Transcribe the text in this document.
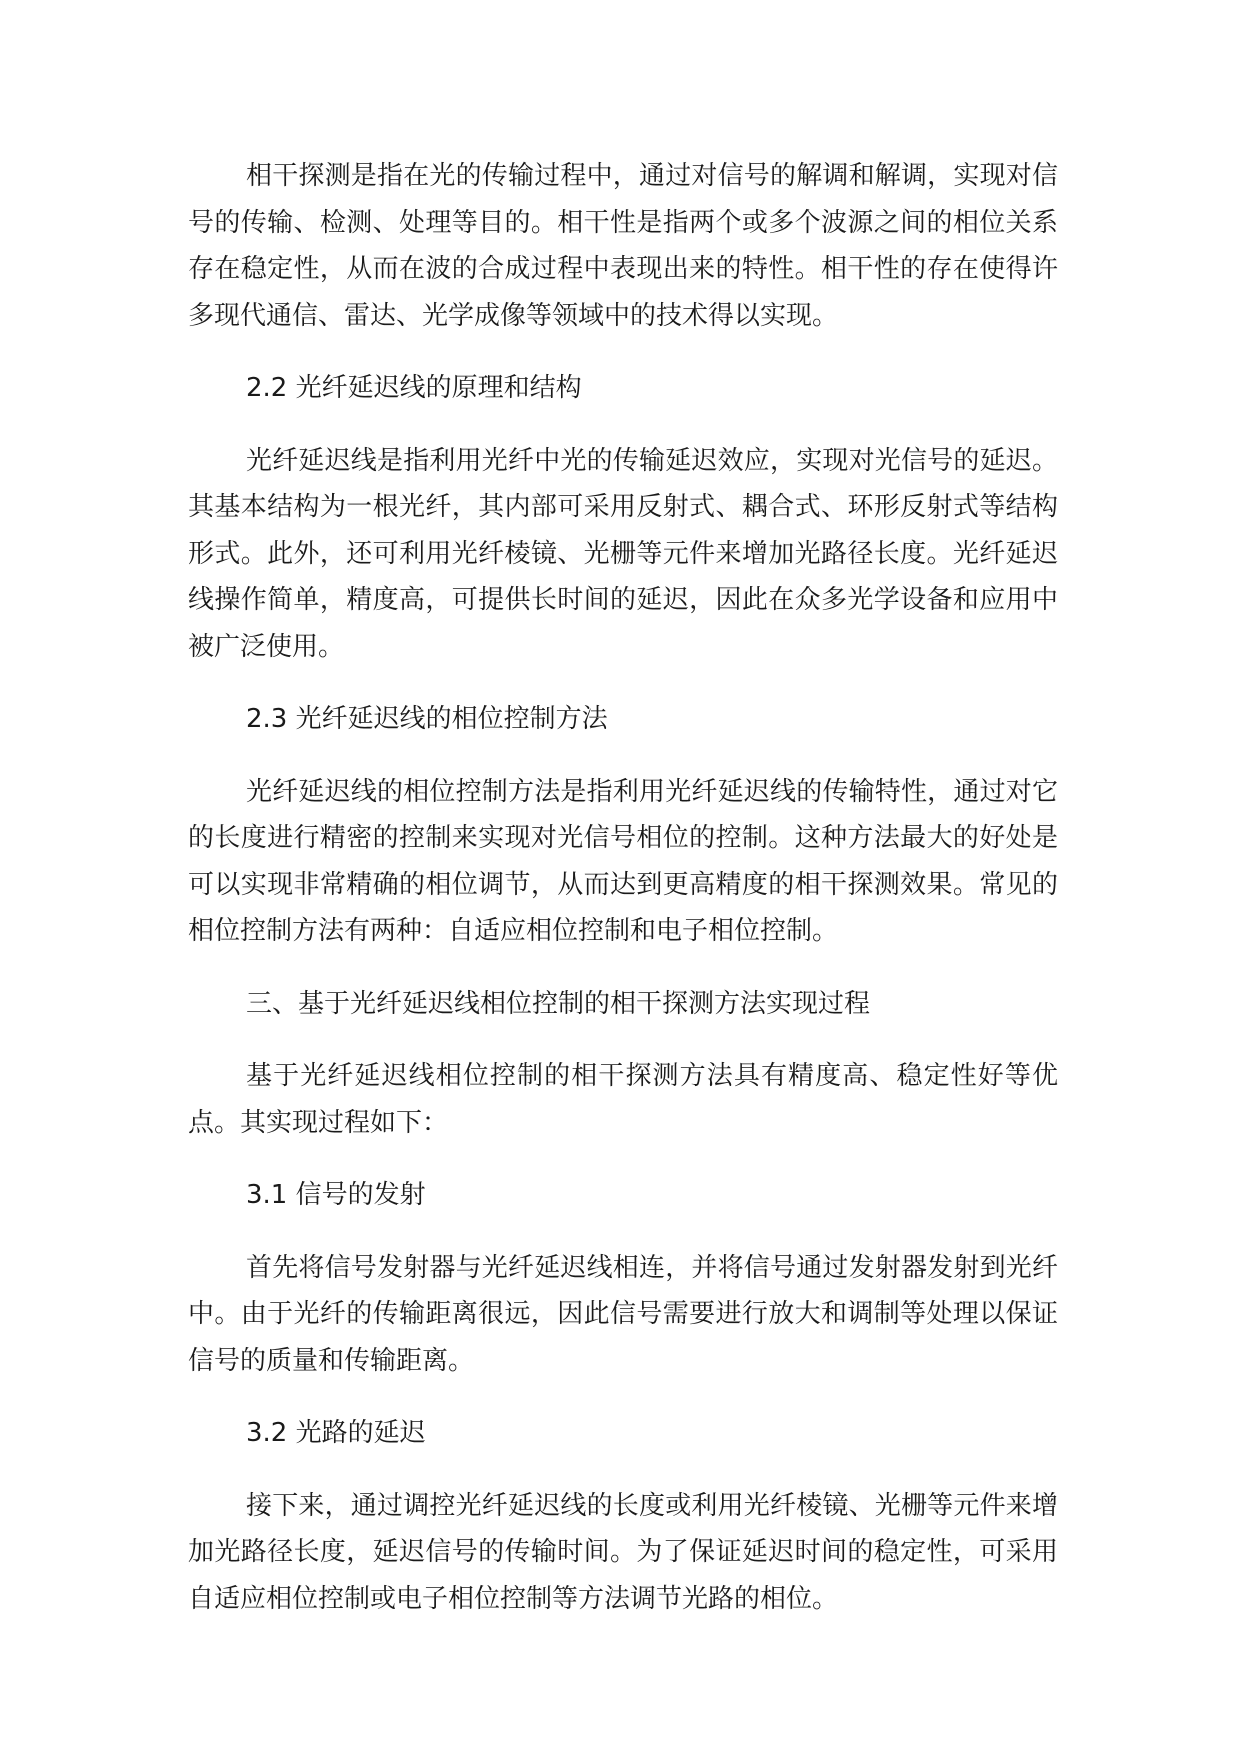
相干探测是指在光的传输过程中，通过对信号的解调和解调，实现对信号的传输、检测、处理等目的。相干性是指两个或多个波源之间的相位关系存在稳定性，从而在波的合成过程中表现出来的特性。相干性的存在使得许多现代通信、雷达、光学成像等领域中的技术得以实现。

2.2 光纤延迟线的原理和结构

光纤延迟线是指利用光纤中光的传输延迟效应，实现对光信号的延迟。其基本结构为一根光纤，其内部可采用反射式、耦合式、环形反射式等结构形式。此外，还可利用光纤棱镜、光栅等元件来增加光路径长度。光纤延迟线操作简单，精度高，可提供长时间的延迟，因此在众多光学设备和应用中被广泛使用。

2.3 光纤延迟线的相位控制方法

光纤延迟线的相位控制方法是指利用光纤延迟线的传输特性，通过对它的长度进行精密的控制来实现对光信号相位的控制。这种方法最大的好处是可以实现非常精确的相位调节，从而达到更高精度的相干探测效果。常见的相位控制方法有两种：自适应相位控制和电子相位控制。

三、基于光纤延迟线相位控制的相干探测方法实现过程

基于光纤延迟线相位控制的相干探测方法具有精度高、稳定性好等优点。其实现过程如下：

3.1 信号的发射

首先将信号发射器与光纤延迟线相连，并将信号通过发射器发射到光纤中。由于光纤的传输距离很远，因此信号需要进行放大和调制等处理以保证信号的质量和传输距离。

3.2 光路的延迟

接下来，通过调控光纤延迟线的长度或利用光纤棱镜、光栅等元件来增加光路径长度，延迟信号的传输时间。为了保证延迟时间的稳定性，可采用自适应相位控制或电子相位控制等方法调节光路的相位。
